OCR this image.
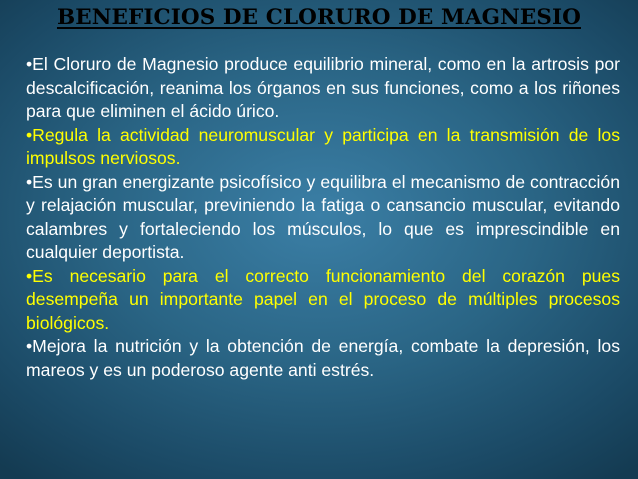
BENEFICIOS DE CLORURO DE MAGNESIO

•El Cloruro de Magnesio produce equilibrio mineral, como en la artrosis por descalcificación, reanima los órganos en sus funciones, como a los riñones para que eliminen el ácido úrico.

•Regula la actividad neuromuscular y participa en la transmisión de los impulsos nerviosos.

•Es un gran energizante psicofísico y equilibra el mecanismo de contracción y relajación muscular, previniendo la fatiga o cansancio muscular, evitando calambres y fortaleciendo los músculos, lo que es imprescindible en cualquier deportista.

•Es necesario para el correcto funcionamiento del corazón pues desempeña un importante papel en el proceso de múltiples procesos biológicos.

•Mejora la nutrición y la obtención de energía, combate la depresión, los mareos y es un poderoso agente anti estrés.
